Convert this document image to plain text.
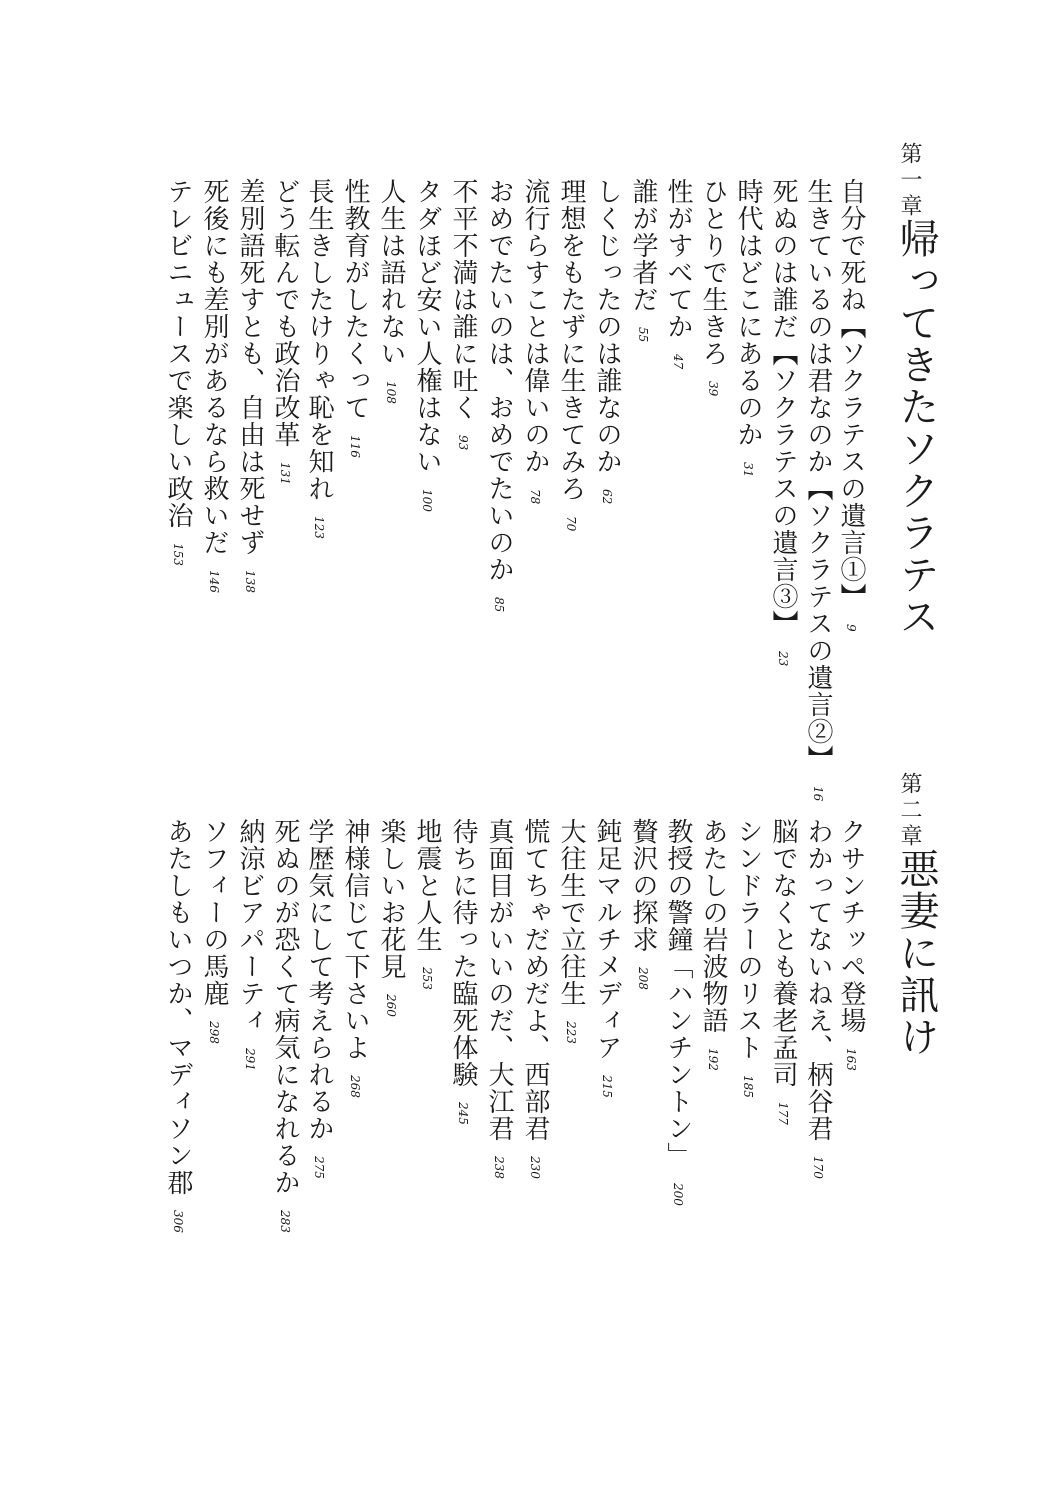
第一章
帰ってきたソクラテス
自分で死ね【ソクラテスの遺言①】9
生きているのは君なのか【ソクラテスの遺言②】16
死ぬのは誰だ【ソクラテスの遺言③】23
時代はどこにあるのか31
ひとりで生きろ39
性がすべてか47
誰が学者だ55
しくじったのは誰なのか62
理想をもたずに生きてみろ70
流行らすことは偉いのか78
おめでたいのは、おめでたいのか85
不平不満は誰に吐く93
タダほど安い人権はない100
人生は語れない108
性教育がしたくって116
長生きしたけりゃ恥を知れ123
どう転んでも政治改革131
差別語死すとも、自由は死せず138
死後にも差別があるなら救いだ146
テレビニュースで楽しい政治153
第二章
悪妻に訊け
クサンチッペ登場163
わかってないねえ、柄谷君170
脳でなくとも養老孟司177
シンドラーのリスト185
あたしの岩波物語192
教授の警鐘「ハンチントン」200
贅沢の探求208
鈍足マルチメディア215
大往生で立往生223
慌てちゃだめだよ、西部君230
真面目がいいのだ、大江君238
待ちに待った臨死体験245
地震と人生253
楽しいお花見260
神様信じて下さいよ268
学歴気にして考えられるか275
死ぬのが恐くて病気になれるか283
納涼ビアパーティ291
ソフィーの馬鹿298
あたしもいつか、マディソン郡306
